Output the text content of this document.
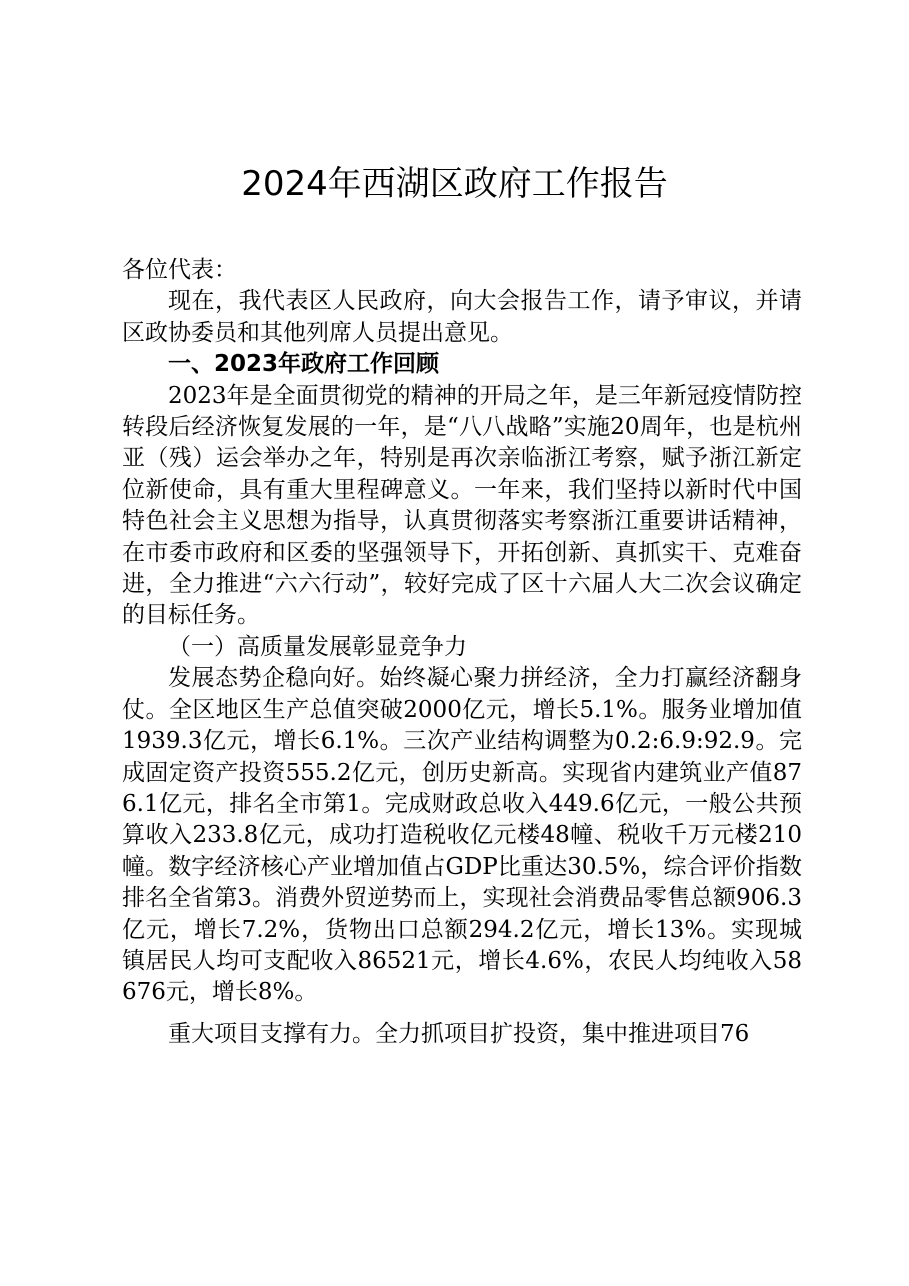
2024年西湖区政府工作报告

各位代表：

现在，我代表区人民政府，向大会报告工作，请予审议，并请区政协委员和其他列席人员提出意见。

一、2023年政府工作回顾

2023年是全面贯彻党的精神的开局之年，是三年新冠疫情防控转段后经济恢复发展的一年，是“八八战略”实施20周年，也是杭州亚（残）运会举办之年，特别是再次亲临浙江考察，赋予浙江新定位新使命，具有重大里程碑意义。一年来，我们坚持以新时代中国特色社会主义思想为指导，认真贯彻落实考察浙江重要讲话精神，在市委市政府和区委的坚强领导下，开拓创新、真抓实干、克难奋进，全力推进“六六行动”，较好完成了区十六届人大二次会议确定的目标任务。

（一）高质量发展彰显竞争力

发展态势企稳向好。始终凝心聚力拼经济，全力打赢经济翻身仗。全区地区生产总值突破2000亿元，增长5.1%。服务业增加值1939.3亿元，增长6.1%。三次产业结构调整为0.2:6.9:92.9。完成固定资产投资555.2亿元，创历史新高。实现省内建筑业产值876.1亿元，排名全市第1。完成财政总收入449.6亿元，一般公共预算收入233.8亿元，成功打造税收亿元楼48幢、税收千万元楼210幢。数字经济核心产业增加值占GDP比重达30.5%，综合评价指数排名全省第3。消费外贸逆势而上，实现社会消费品零售总额906.3亿元，增长7.2%，货物出口总额294.2亿元，增长13%。实现城镇居民人均可支配收入86521元，增长4.6%，农民人均纯收入58676元，增长8%。

重大项目支撑有力。全力抓项目扩投资，集中推进项目76
